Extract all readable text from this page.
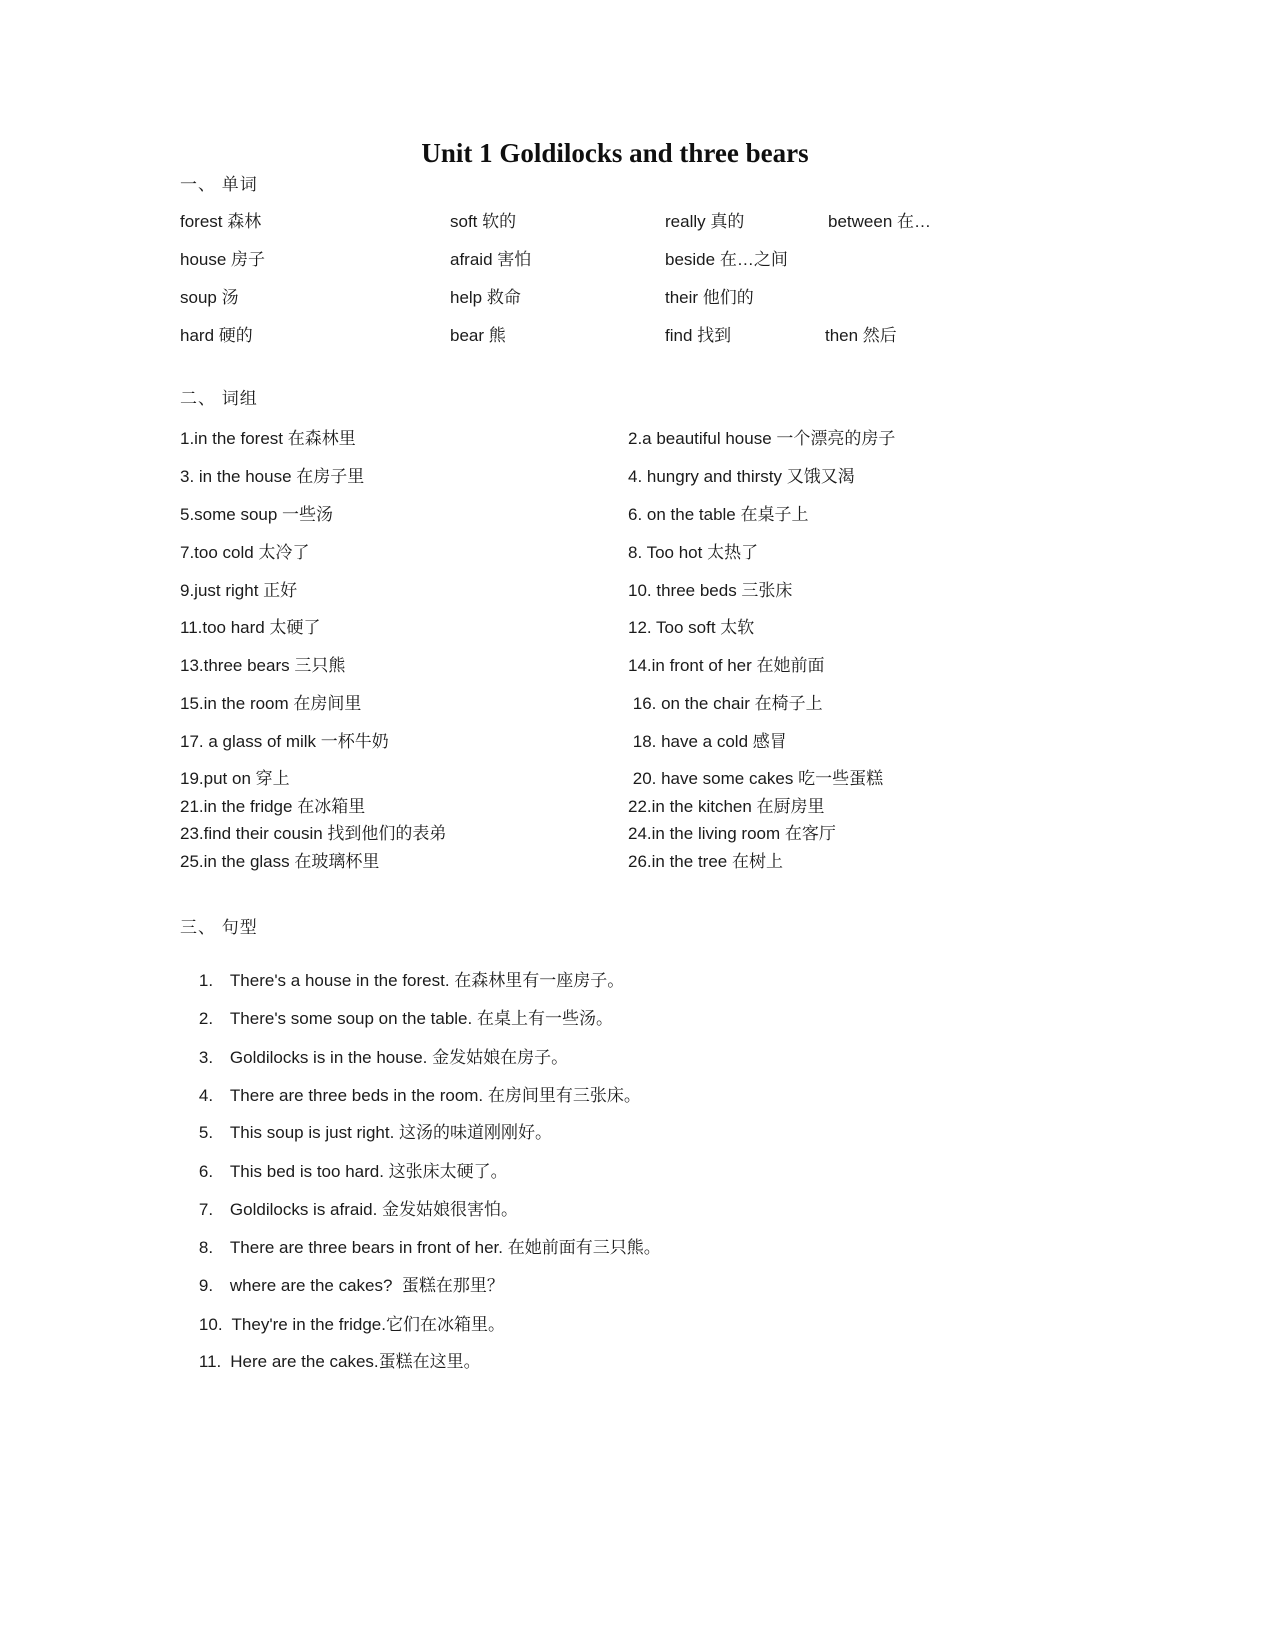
Unit 1 Goldilocks and three bears
一、 单词
forest 森林	soft 软的	really 真的	between 在…
house 房子	afraid 害怕	beside 在…之间
soup 汤	help 救命	their 他们的
hard 硬的	bear 熊	find 找到	then 然后
二、 词组
1.in the forest 在森林里	2.a beautiful house 一个漂亮的房子
3. in the house 在房子里	4. hungry and thirsty 又饿又渴
5.some soup 一些汤	6. on the table 在桌子上
7.too cold 太冷了	8. Too hot 太热了
9.just right 正好	10. three beds 三张床
11.too hard 太硬了	12. Too soft 太软
13.three bears 三只熊	14.in front of her 在她前面
15.in the room 在房间里	16. on the chair 在椅子上
17. a glass of milk 一杯牛奶	18. have a cold 感冒
19.put on 穿上	20. have some cakes 吃一些蛋糕
21.in the fridge 在冰箱里	22.in the kitchen 在厨房里
23.find their cousin 找到他们的表弟	24.in the living room 在客厅
25.in the glass 在玻璃杯里	26.in the tree 在树上
三、 句型

1. There's a house in the forest. 在森林里有一座房子。

2. There's some soup on the table. 在桌上有一些汤。

3. Goldilocks is in the house. 金发姑娘在房子。

4. There are three beds in the room. 在房间里有三张床。

5. This soup is just right. 这汤的味道刚刚好。

6. This bed is too hard. 这张床太硬了。

7. Goldilocks is afraid. 金发姑娘很害怕。

8. There are three bears in front of her. 在她前面有三只熊。

9. where are the cakes?  蛋糕在那里？

10. They're in the fridge.它们在冰箱里。

11. Here are the cakes.蛋糕在这里。
